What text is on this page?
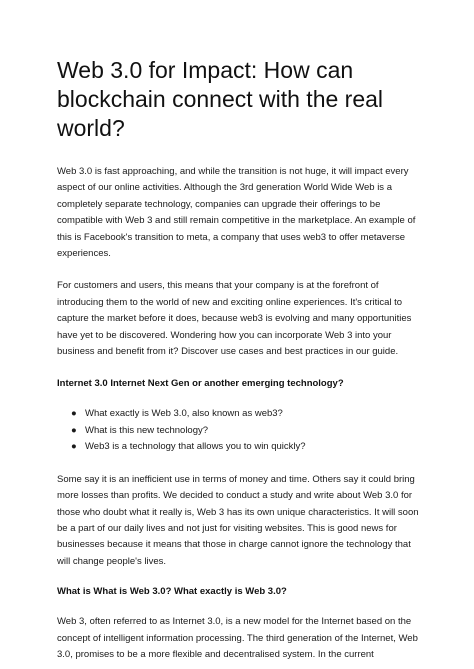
Web 3.0 for Impact: How can blockchain connect with the real world?

Web 3.0 is fast approaching, and while the transition is not huge, it will impact every aspect of our online activities. Although the 3rd generation World Wide Web is a completely separate technology, companies can upgrade their offerings to be compatible with Web 3 and still remain competitive in the marketplace. An example of this is Facebook's transition to meta, a company that uses web3 to offer metaverse experiences.

For customers and users, this means that your company is at the forefront of introducing them to the world of new and exciting online experiences. It's critical to capture the market before it does, because web3 is evolving and many opportunities have yet to be discovered. Wondering how you can incorporate Web 3 into your business and benefit from it? Discover use cases and best practices in our guide.

Internet 3.0 Internet Next Gen or another emerging technology?
● What exactly is Web 3.0, also known as web3?
● What is this new technology?
● Web3 is a technology that allows you to win quickly?

Some say it is an inefficient use in terms of money and time. Others say it could bring more losses than profits. We decided to conduct a study and write about Web 3.0 for those who doubt what it really is, Web 3 has its own unique characteristics. It will soon be a part of our daily lives and not just for visiting websites. This is good news for businesses because it means that those in charge cannot ignore the technology that will change people's lives.

What is What is Web 3.0? What exactly is Web 3.0?

Web 3, often referred to as Internet 3.0, is a new model for the Internet based on the concept of intelligent information processing. The third generation of the Internet, Web 3.0, promises to be a more flexible and decentralised system. In the current
